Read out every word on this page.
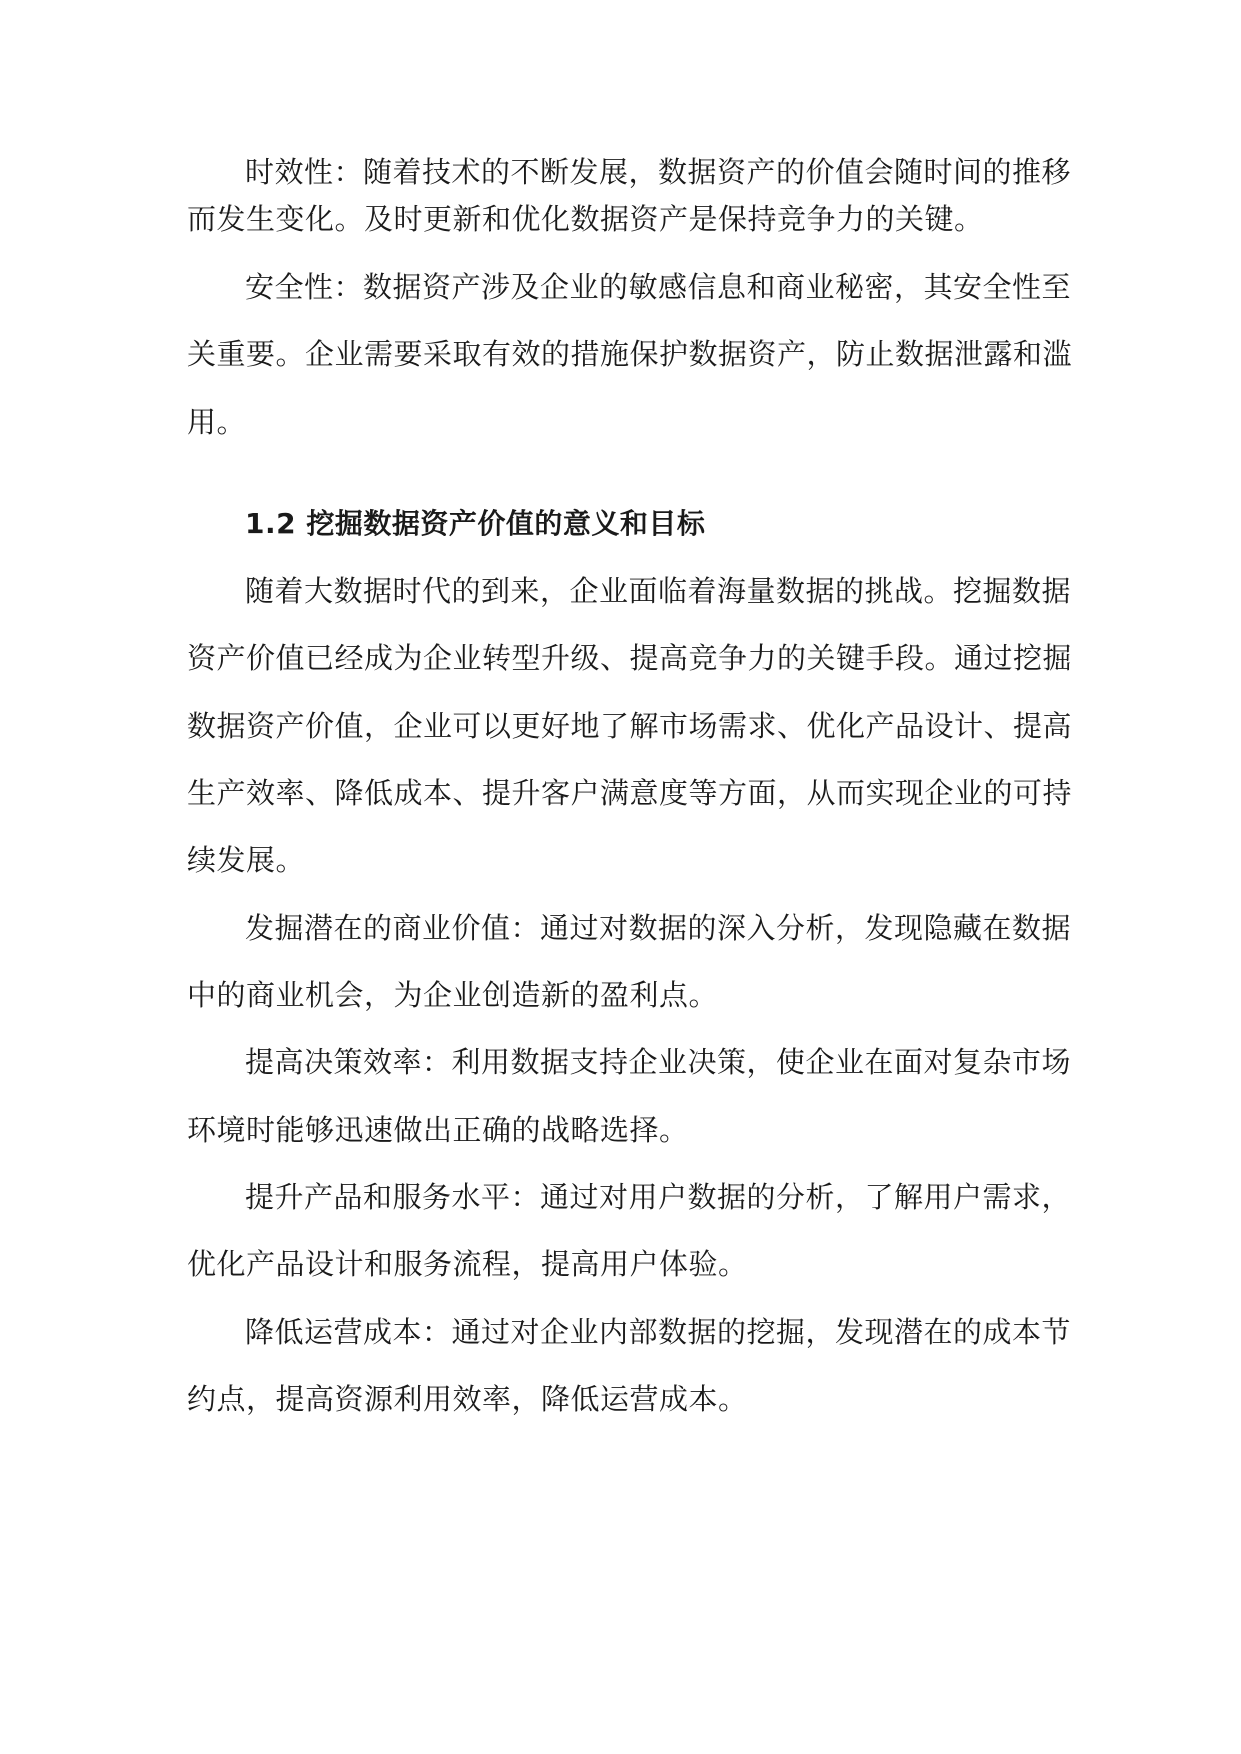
时效性：随着技术的不断发展，数据资产的价值会随时间的推移
而发生变化。及时更新和优化数据资产是保持竞争力的关键。
安全性：数据资产涉及企业的敏感信息和商业秘密，其安全性至
关重要。企业需要采取有效的措施保护数据资产，防止数据泄露和滥
用。
1.2 挖掘数据资产价值的意义和目标
随着大数据时代的到来，企业面临着海量数据的挑战。挖掘数据
资产价值已经成为企业转型升级、提高竞争力的关键手段。通过挖掘
数据资产价值，企业可以更好地了解市场需求、优化产品设计、提高
生产效率、降低成本、提升客户满意度等方面，从而实现企业的可持
续发展。
发掘潜在的商业价值：通过对数据的深入分析，发现隐藏在数据
中的商业机会，为企业创造新的盈利点。
提高决策效率：利用数据支持企业决策，使企业在面对复杂市场
环境时能够迅速做出正确的战略选择。
提升产品和服务水平：通过对用户数据的分析，了解用户需求，
优化产品设计和服务流程，提高用户体验。
降低运营成本：通过对企业内部数据的挖掘，发现潜在的成本节
约点，提高资源利用效率，降低运营成本。
